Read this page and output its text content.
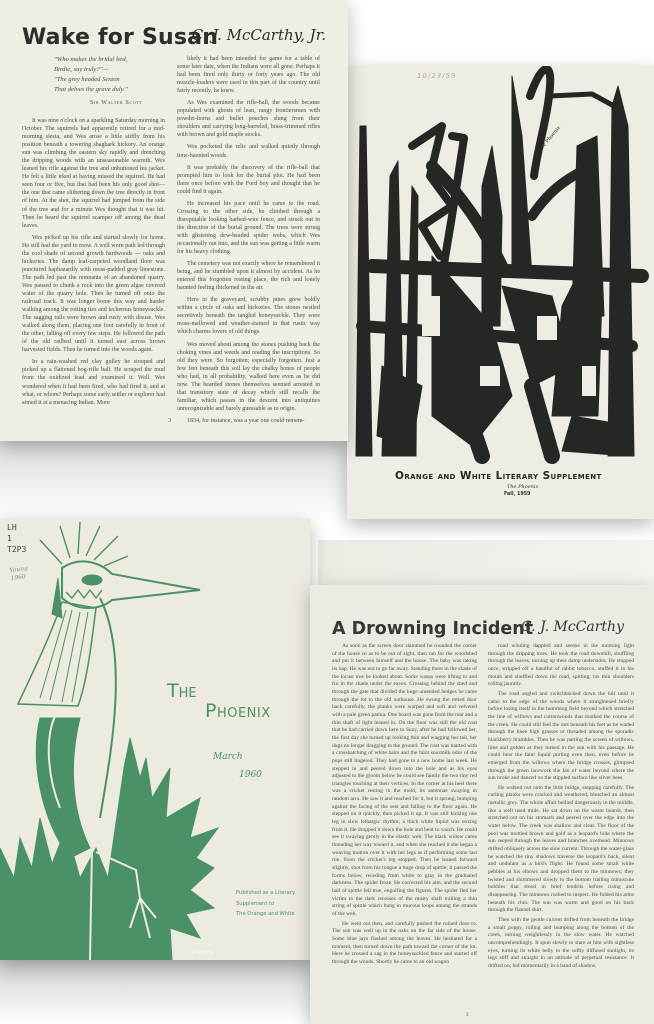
Wake for Susan
C. J. McCarthy, Jr.
"Who makes the bridal bed,
Birdie, say truly?"—
"The grey headed Sexton
That delves the grave duly."
Sir Walter Scott

It was nine o'clock on a sparkling Saturday morning in October. The squirrels had apparently retired for a mid-morning siesta, and Wes arose a little stiffly from his position beneath a towering shagbark hickory. An orange sun was climbing the eastern sky rapidly and drenching the dripping woods with an unseasonable warmth. Wes leaned his rifle against the tree and unbuttoned his jacket. He felt a little irked at having missed the squirrel. He had seen four or five, but that had been his only good shot—the one that came slithering down the tree directly in front of him. At the shot, the squirrel had jumped from the side of the tree and for a minute Wes thought that it was hit. Then he heard the squirrel scamper off among the dead leaves.

Wes picked up his rifle and started slowly for home. He still had the yard to mow. A well worn path led through the cool shade of second growth hardwoods — oaks and hickories. The damp leaf-carpeted woodland floor was punctured haphazardly with moss-padded gray limestone. The path led past the remnants of an abandoned quarry. Wes paused to chunk a rock into the green algae covered water of the quarry hole. Then he turned off onto the railroad track. It was longer home this way and harder walking among the rotting ties and lecherous honeysuckle. The sagging rails were brown and rusty with disuse. Wes walked along them, placing one foot carefully in front of the other, falling off every few steps. He followed the path of the old railbed until it turned east across brown harvested fields. Then he turned into the woods again.

In a rain-washed red clay gulley he stooped and picked up a flattened hog-rifle ball. He scraped the mud from the oxidized lead and examined it. Well. Wes wondered when it had been fired, who had fired it, and at what, or whom? Perhaps some early settler or explorer had aimed it at a menacing Indian. More

likely it had been intended for game for a table of some later date, when the Indians were all gone. Perhaps it had been fired only thirty or forty years ago. The old muzzle-loaders were used in this part of the country until fairly recently, he knew.

As Wes examined the rifle-ball, the woods became populated with ghosts of lean, rangy frontiersmen with powder-horns and bullet pouches slung from their shoulders and carrying long-barreled, brass-trimmed rifles with brown and gold maple stocks.

Wes pocketed the relic and walked quietly through time-haunted woods.

It was probably the discovery of the rifle-ball that prompted him to look for the burial plot. He had been there once before with the Ford boy and thought that he could find it again.

He increased his pace until he came to the road. Crossing to the other side, he climbed through a disreputable looking barbed-wire fence, and struck out in the direction of the burial ground. The trees were strung with glistening dew-beaded spider webs, which Wes occasionally ran into, and the sun was getting a little warm for his heavy clothing.

The cemetery was not exactly where he remembered it being, and he stumbled upon it almost by accident. As he entered this forgotten resting place, the rich and lonely haunted feeling thickened in the air.

Here in the graveyard, scrubby pines grew boldly within a circle of oaks and hickories. The stones nestled secretively beneath the tangled honeysuckle. They were moss-mellowed and weather-stained in that rustic way which charms lovers of old things.

Wes moved about among the stones pushing back the choking vines and weeds and reading the inscriptions. So old they were. So forgotten; especially forgotten. Just a few feet beneath this soil lay the chalky bones of people who had, in all probability, walked here even as he did now. The bearded stones themselves seemed arrested in that transitory state of decay which still recalls the familiar, which passes in the descent into antiquities unrecognizable and barely guessable as to origin.

1834, for instance, was a year one could remem-

3
10/23/59
The Phoenix
Orange and White Literary Supplement
The Phoenix
Fall, 1959
LH
1
T2P3
Young
1960
The
Phoenix
March
1960
Published as a Literary
Supplement to
The Orange and White
RIVERS
A Drowning Incident
C. J. McCarthy

As soon as the screen door slammed he rounded the corner of the house so as to be out of sight, then ran for the woodshed and put it between himself and the house. The baby was taking its nap. He was not to go far away. Standing there in the shade of the locust tree he looked about. Some wasps were lifting to and fro in the shade under the eaves. Crossing behind the shed and through the gate that divided the huge untended hedges he came through the lot to the old outhouse. He swung the rotted door back carefully, the planks were warped and soft and velveted with a pale green patina. One board was gone from the rear and a thin shaft of light leaned in. On the floor was still the old coat that he had carried down here to Suzy, after he had followed her, the first day she turned up looking thin and wagging her tail, her dugs no longer dragging to the ground. The coat was matted with a crosshatching of white hairs and the faint sourmilk odor of the pups still lingered. They had gone to a new home last week. He stepped in and peered down into the hole and as his eyes adjusted to the gloom below he could see faintly the two tiny red triangles touching at their vertices. In the corner at his heel there was a cricket resting in the mold, its antennae swaying in random arcs. He saw it and reached for it, but it sprung, bumping against the facing of the seat and falling to the floor again. He stepped on it quickly, then picked it up. It was still kicking one leg in slow lethargic rhythm; a thick white liquid was oozing from it. He dropped it down the hole and bent to watch. He could see it swaying gently in the elastic web. The black widow came threading her way toward it, and when she reached it she began a weaving motion over it with her legs as if performing some last rite. Soon the cricket's leg stopped. Then he leaned forward slightly, shot from his tongue a huge drop of spittle; it passed the forms below, receding from white to gray in the graduated darkness. The spider froze. He corrected his aim, and the second ball of spittle fell true, engulfing the figures. The spider fled her victim to the dark recesses of the musty shaft trailing a thin string of spittle which hung in mucous loops among the strands of the web.

He went out then, and carefully pushed the ruined door to. The sun was well up in the oaks on the far side of the house. Some blue jays flashed among the leaves. He hesitated for a moment, then turned down the path toward the corner of the lot. Here he crossed a sag in the honeysuckled fence and started off through the woods. Shortly he came to an old wagon

road winding dappled and serene in the morning light through the dripping trees. He took the road downhill, shuffling through the leaves, turning up their damp undersides. He stopped once, stripped off a handful of rabbit tobacco, stuffed it in his mouth and shuffled down the road, spitting, his thin shoulders rolling jauntily.

The road angled and switchbacked down the hill until it came to the edge of the woods where it straightened briefly before losing itself in the humming field beyond which stretched the line of willows and cottonwoods that marked the course of the creek. He could still feel the ruts beneath his feet as he waded through the knee high grasses or threaded among the sporadic blackberry brambles. Then he was parting the screen of willows, lime and golden as they turned in the sun with his passage. He could hear the faint liquid purling even then, even before he emerged from the willows where the bridge crosses, glimpsed through the green lacework the fan of water beyond where the sun broke and danced on the stippled surface like silver bees.

He walked out onto the little bridge, stepping carefully. The curling planks were cracked and weathered, bleached an almost metallic grey. The whole affair bellied dangerously in the middle, like a well used mule. He sat down on the warm boards, then stretched out on his stomach and peered over the edge into the water below. The creek was shallow and clear. The floor of the pool was mottled brown and gold as a leopard's hide where the sun seeped through the leaves and branches overhead. Minnows drifted obliquely across the slow current. Through the water-glass he watched the tiny shadows traverse the leopard's back, silent and undulant as a bird's flight. He found some small white pebbles at his elbows and dropped them to the minnows; they twisted and shimmered slowly to the bottom trailing minuscule bubbles that stood in brief tendrils before rising and disappearing. The minnows rushed to inspect. He folded his arms beneath his chin. The sun was warm and good on his back through the flannel shirt.

Then with the gentle current drifted from beneath the bridge a small puppy, rolling and bumping along the bottom of the creek, turning weightlessly in the slow water. He watched uncomprehendingly. It spun slowly to stare at him with sightless eyes, turning its white belly to the softly diffused sunlight, its legs stiff and straight in an attitude of perpetual resistance. It drifted on, hid momentarily in a band of shadow,

3
